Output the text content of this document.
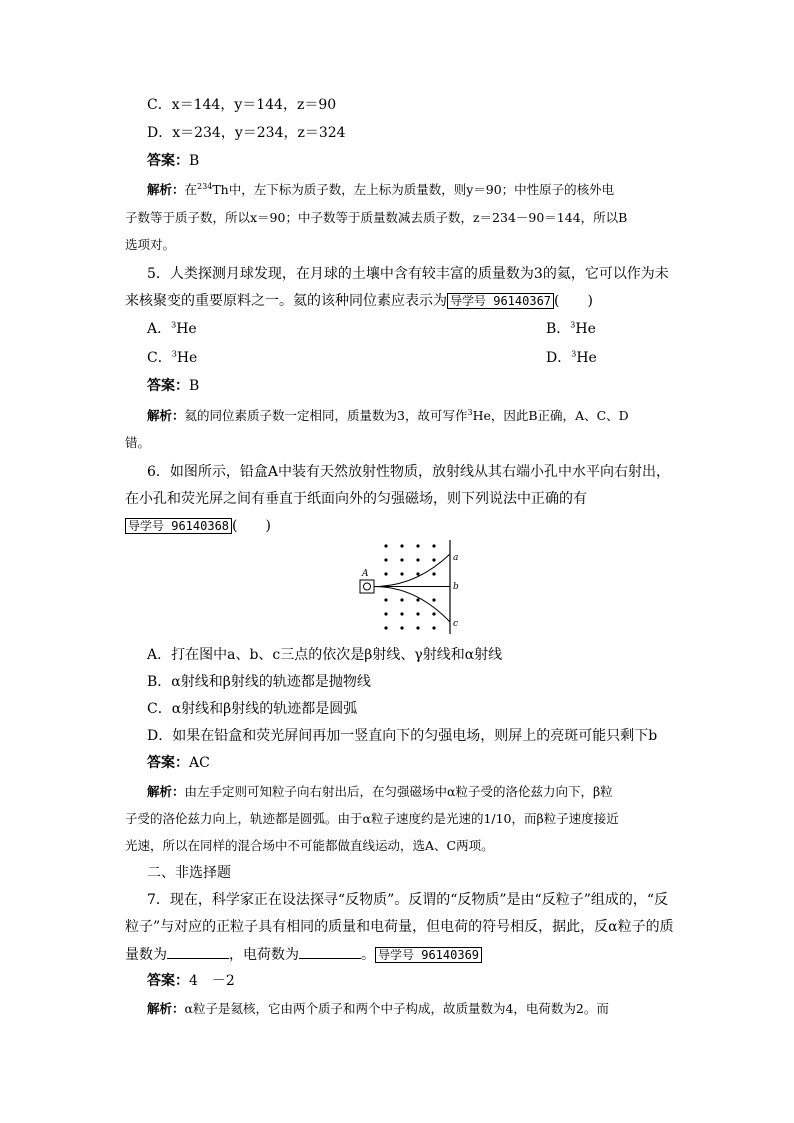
C．x＝144，y＝144，z＝90
D．x＝234，y＝234，z＝324
答案：B
解析：在$^{234}$Th中，左下标为质子数，左上标为质量数，则y＝90；中性原子的核外电
子数等于质子数，所以x＝90；中子数等于质量数减去质子数，z＝234－90＝144，所以B
选项对。
5．人类探测月球发现，在月球的土壤中含有较丰富的质量数为3的氦，它可以作为未
来核聚变的重要原料之一。氦的该种同位素应表示为 导学号 96140367 (　　)
A．$^3$He	B．$^3$He
C．$^3$He	D．$^3$He
答案：B
解析：氦的同位素质子数一定相同，质量数为3，故可写作$^3$He，因此B正确，A、C、D
错。
6．如图所示，铅盒A中装有天然放射性物质，放射线从其右端小孔中水平向右射出，
在小孔和荧光屏之间有垂直于纸面向外的匀强磁场，则下列说法中正确的有
导学号 96140368 (　　)
A
a
b
c
A．打在图中a、b、c三点的依次是β射线、γ射线和α射线
B．α射线和β射线的轨迹都是抛物线
C．α射线和β射线的轨迹都是圆弧
D．如果在铅盒和荧光屏间再加一竖直向下的匀强电场，则屏上的亮斑可能只剩下b
答案：AC
解析：由左手定则可知粒子向右射出后，在匀强磁场中α粒子受的洛伦兹力向下，β粒
子受的洛伦兹力向上，轨迹都是圆弧。由于α粒子速度约是光速的1/10，而β粒子速度接近
光速，所以在同样的混合场中不可能都做直线运动，选A、C两项。
二、非选择题
7．现在，科学家正在设法探寻“反物质”。反谓的“反物质”是由“反粒子”组成的，“反
粒子”与对应的正粒子具有相同的质量和电荷量，但电荷的符号相反，据此，反α粒子的质
量数为	，电荷数为	。 导学号 96140369
答案：4　－2
解析：α粒子是氦核，它由两个质子和两个中子构成，故质量数为4，电荷数为2。而
